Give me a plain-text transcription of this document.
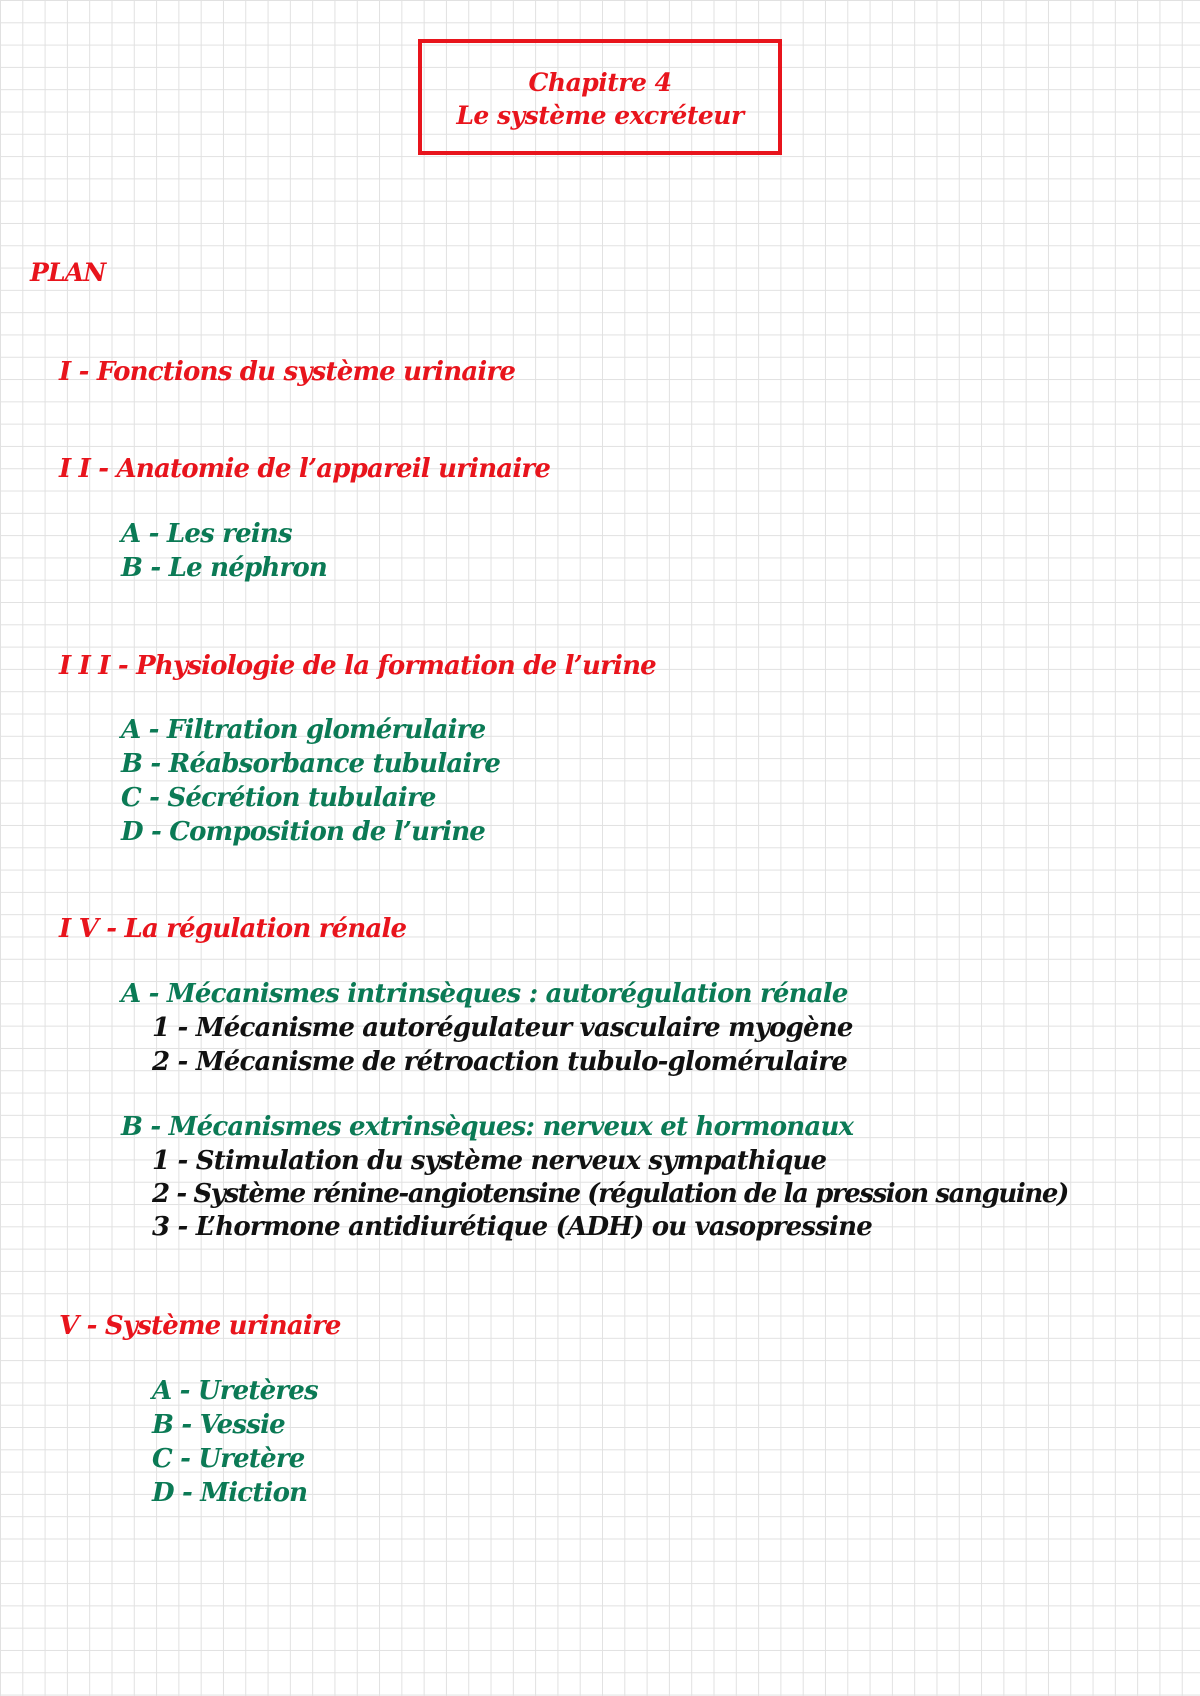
Chapitre 4
Le système excréteur
PLAN
I - Fonctions du système urinaire
I I - Anatomie de l’appareil urinaire
A - Les reins
B - Le néphron
I I I - Physiologie de la formation de l’urine
A - Filtration glomérulaire
B - Réabsorbance tubulaire
C - Sécrétion tubulaire
D - Composition de l’urine
I V - La régulation rénale
A - Mécanismes intrinsèques : autorégulation rénale
1 - Mécanisme autorégulateur vasculaire myogène
2 - Mécanisme de rétroaction tubulo-glomérulaire
B - Mécanismes extrinsèques: nerveux et hormonaux
1 - Stimulation du système nerveux sympathique
2 - Système rénine-angiotensine (régulation de la pression sanguine)
3 - L’hormone antidiurétique (ADH) ou vasopressine
V - Système urinaire
A - Uretères
B - Vessie
C - Uretère
D - Miction
